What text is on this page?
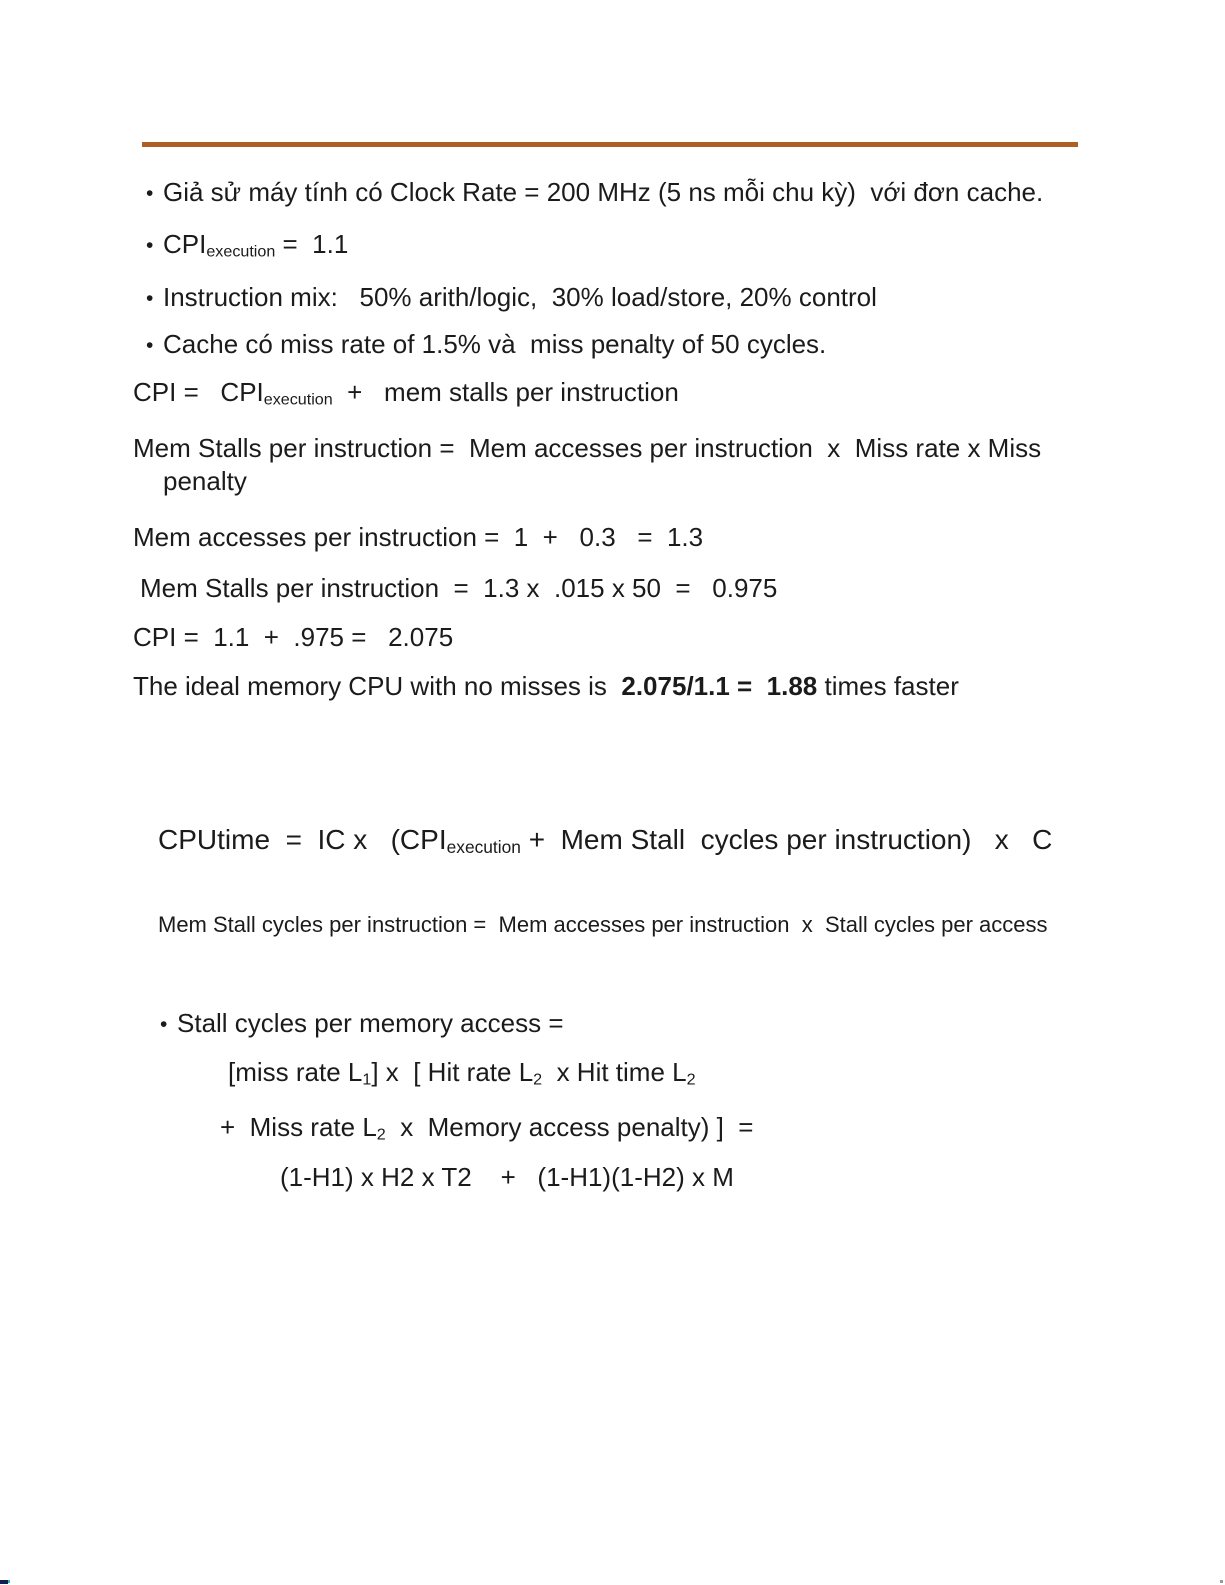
• Giả sử máy tính có Clock Rate = 200 MHz (5 ns mỗi chu kỳ)  với đơn cache.
• $CPI_{execution} = 1.1$
• Instruction mix:   50% arith/logic,  30% load/store, 20% control
• Cache có miss rate of 1.5% và  miss penalty of 50 cycles.
CPI =   $CPI_{execution}$  +   mem stalls per instruction
Mem Stalls per instruction =  Mem accesses per instruction  x  Miss rate x Miss
penalty
Mem accesses per instruction =  1  +   0.3   =  1.3
Mem Stalls per instruction  =  1.3 x  .015 x 50  =   0.975
CPI =  1.1  +  .975 =   2.075
The ideal memory CPU with no misses is  2.075/1.1 =  1.88 times faster
CPUtime  =  IC x   ($CPI_{execution}$ +  Mem Stall  cycles per instruction)   x   C
Mem Stall cycles per instruction =  Mem accesses per instruction  x  Stall cycles per access
• Stall cycles per memory access =
[miss rate $L_1$] x  [ Hit rate $L_2$  x Hit time $L_2$
+  Miss rate $L_2$  x  Memory access penalty) ]  =
(1-H1) x H2 x T2    +   (1-H1)(1-H2) x M
